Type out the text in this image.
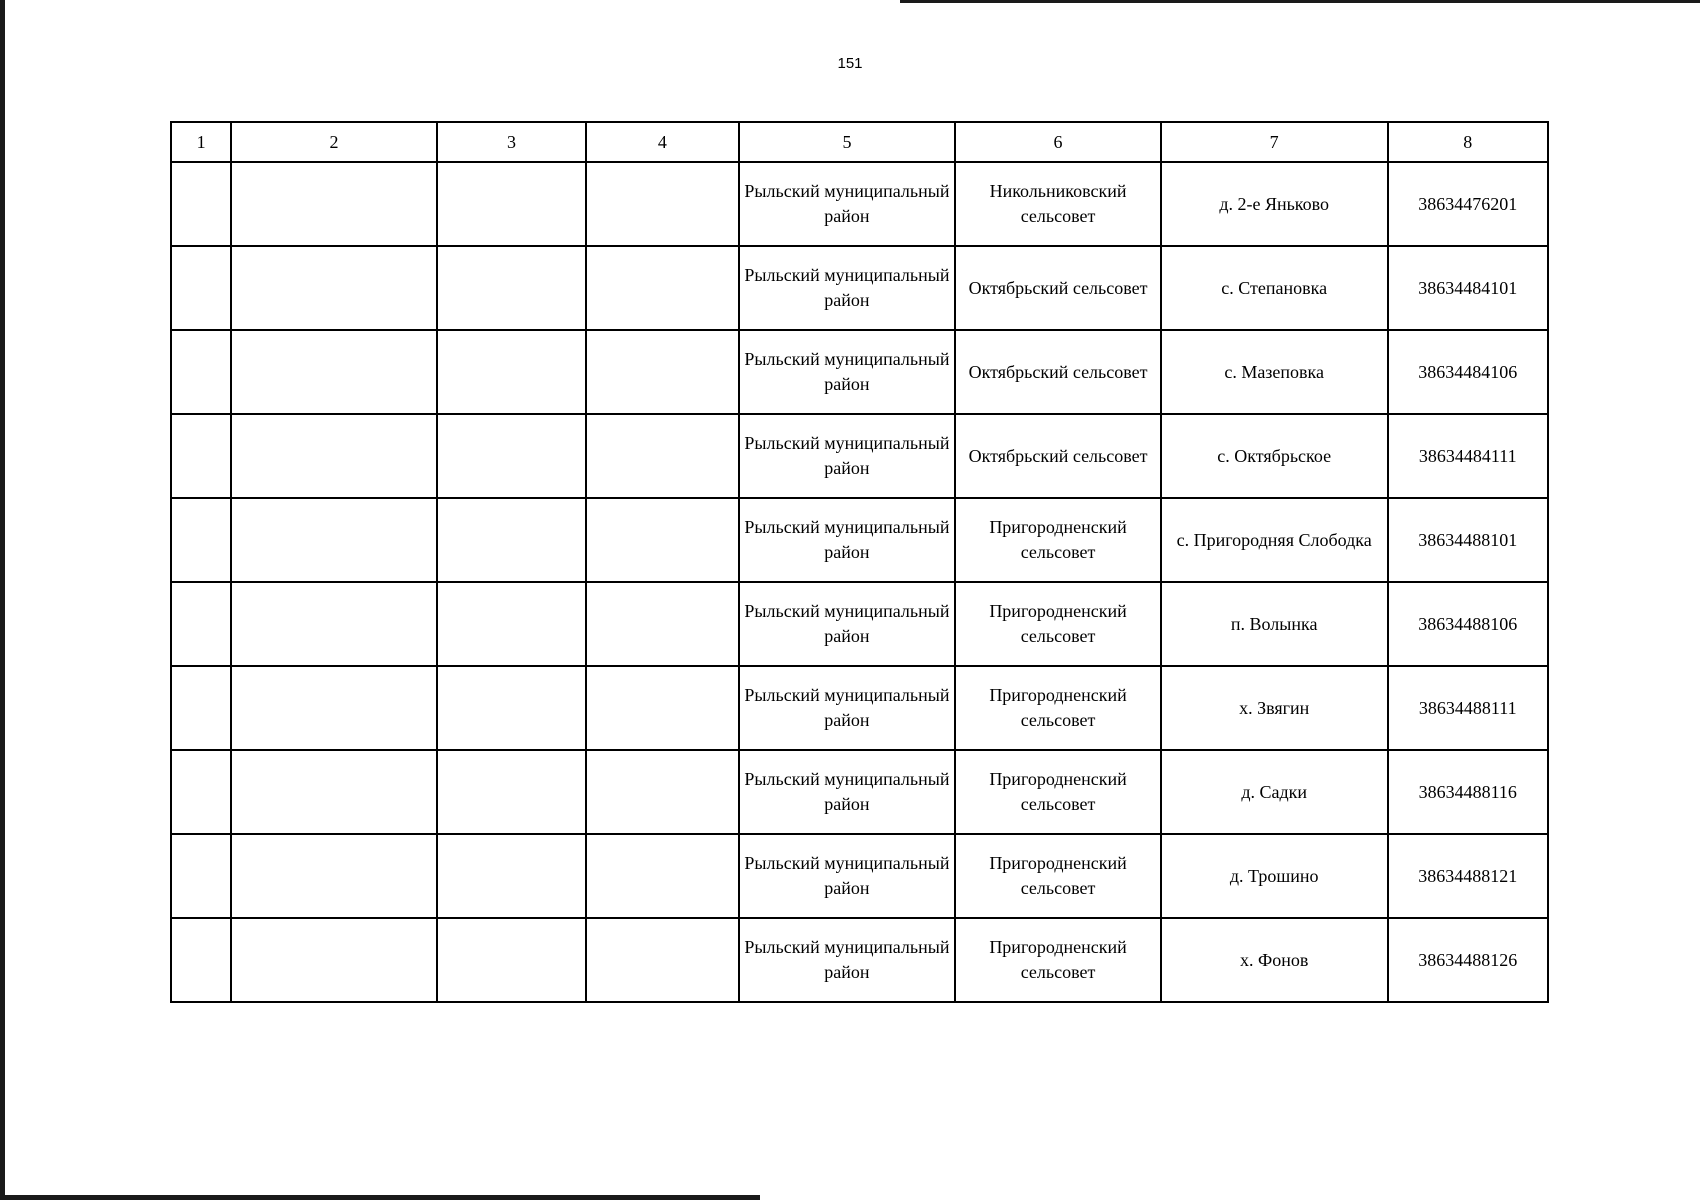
151
1	2	3	4	5	6	7	8
				Рыльский муниципальный район	Никольниковский сельсовет	д. 2-е Яньково	38634476201
				Рыльский муниципальный район	Октябрьский сельсовет	с. Степановка	38634484101
				Рыльский муниципальный район	Октябрьский сельсовет	с. Мазеповка	38634484106
				Рыльский муниципальный район	Октябрьский сельсовет	с. Октябрьское	38634484111
				Рыльский муниципальный район	Пригородненский сельсовет	с. Пригородняя Слободка	38634488101
				Рыльский муниципальный район	Пригородненский сельсовет	п. Волынка	38634488106
				Рыльский муниципальный район	Пригородненский сельсовет	х. Звягин	38634488111
				Рыльский муниципальный район	Пригородненский сельсовет	д. Садки	38634488116
				Рыльский муниципальный район	Пригородненский сельсовет	д. Трошино	38634488121
				Рыльский муниципальный район	Пригородненский сельсовет	х. Фонов	38634488126
